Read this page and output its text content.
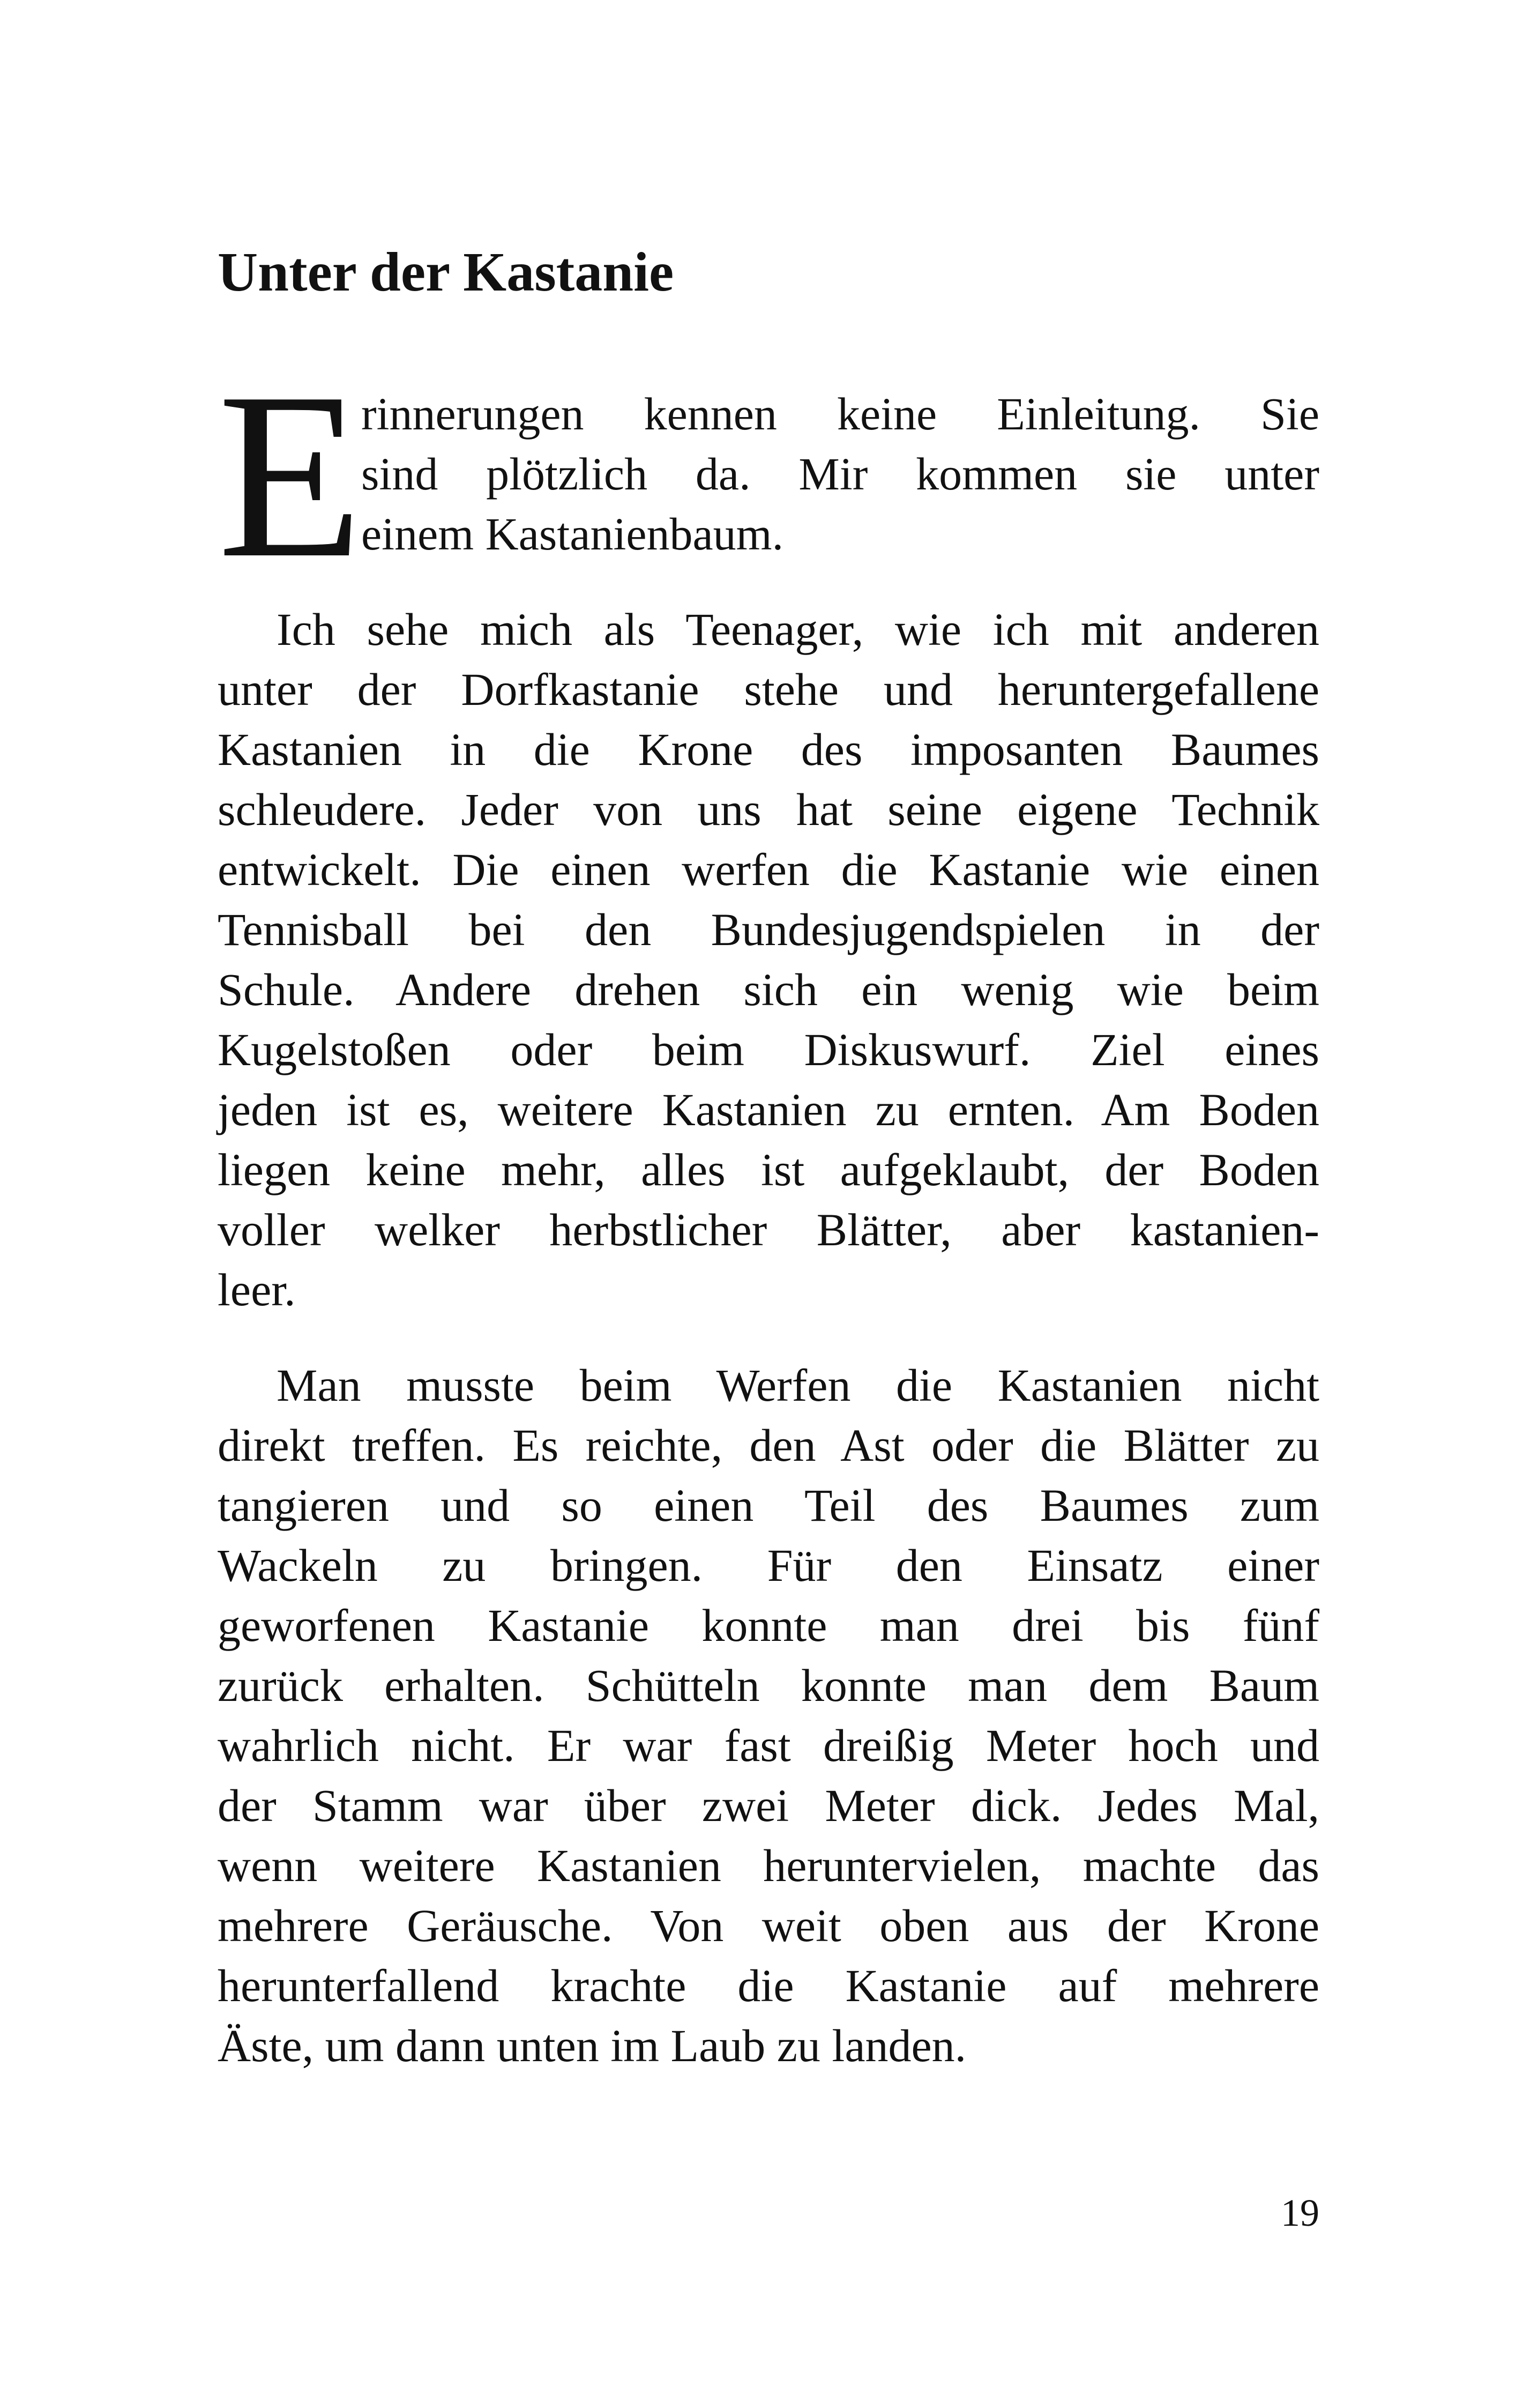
Unter der Kastanie
E

rinnerungen kennen keine Einleitung. Sie

sind plötzlich da. Mir kommen sie unter

einem Kastanienbaum.

Ich sehe mich als Teenager, wie ich mit anderen

unter der Dorfkastanie stehe und heruntergefallene

Kastanien in die Krone des imposanten Baumes

schleudere. Jeder von uns hat seine eigene Technik

entwickelt. Die einen werfen die Kastanie wie einen

Tennisball bei den Bundesjugendspielen in der

Schule. Andere drehen sich ein wenig wie beim

Kugelstoßen oder beim Diskuswurf. Ziel eines

jeden ist es, weitere Kastanien zu ernten. Am Boden

liegen keine mehr, alles ist aufgeklaubt, der Boden

voller welker herbstlicher Blätter, aber kastanien-

leer.

Man musste beim Werfen die Kastanien nicht

direkt treffen. Es reichte, den Ast oder die Blätter zu

tangieren und so einen Teil des Baumes zum

Wackeln zu bringen. Für den Einsatz einer

geworfenen Kastanie konnte man drei bis fünf

zurück erhalten. Schütteln konnte man dem Baum

wahrlich nicht. Er war fast dreißig Meter hoch und

der Stamm war über zwei Meter dick. Jedes Mal,

wenn weitere Kastanien heruntervielen, machte das

mehrere Geräusche. Von weit oben aus der Krone

herunterfallend krachte die Kastanie auf mehrere

Äste, um dann unten im Laub zu landen.

19
